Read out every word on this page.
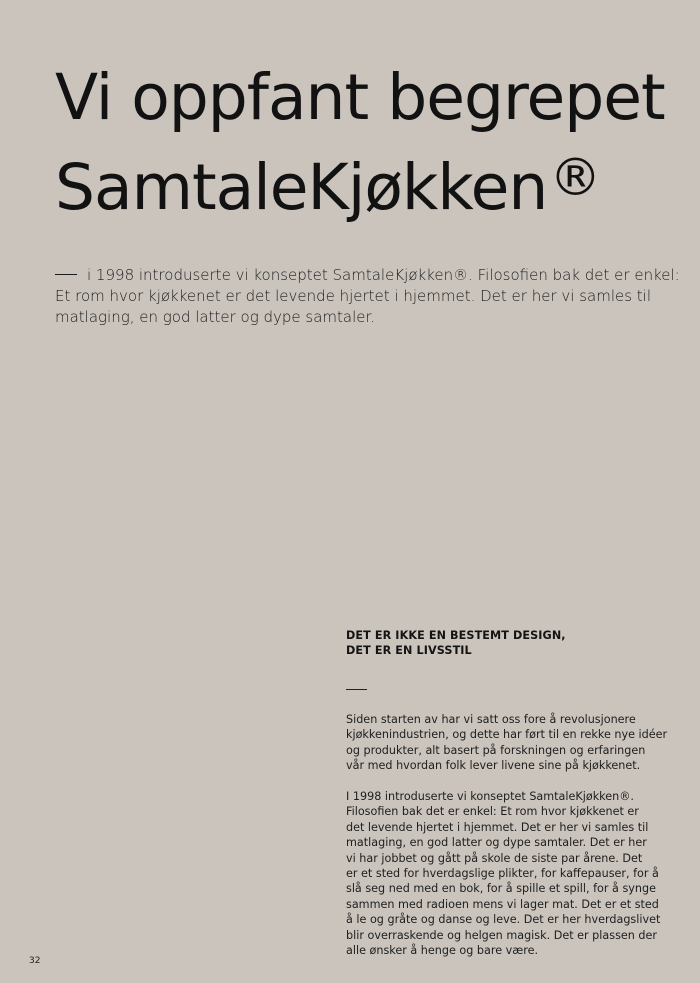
Vi oppfant begrepet
SamtaleKjøkken®

i 1998 introduserte vi konseptet SamtaleKjøkken®. Filosofien bak det er enkel:
Et rom hvor kjøkkenet er det levende hjertet i hjemmet. Det er her vi samles til
matlaging, en god latter og dype samtaler.

DET ER IKKE EN BESTEMT DESIGN,
DET ER EN LIVSSTIL

Siden starten av har vi satt oss fore å revolusjonere
kjøkkenindustrien, og dette har ført til en rekke nye idéer
og produkter, alt basert på forskningen og erfaringen
vår med hvordan folk lever livene sine på kjøkkenet.

I 1998 introduserte vi konseptet SamtaleKjøkken®.
Filosofien bak det er enkel: Et rom hvor kjøkkenet er
det levende hjertet i hjemmet. Det er her vi samles til
matlaging, en god latter og dype samtaler. Det er her
vi har jobbet og gått på skole de siste par årene. Det
er et sted for hverdagslige plikter, for kaffepauser, for å
slå seg ned med en bok, for å spille et spill, for å synge
sammen med radioen mens vi lager mat. Det er et sted
å le og gråte og danse og leve. Det er her hverdagslivet
blir overraskende og helgen magisk. Det er plassen der
alle ønsker å henge og bare være.

32
